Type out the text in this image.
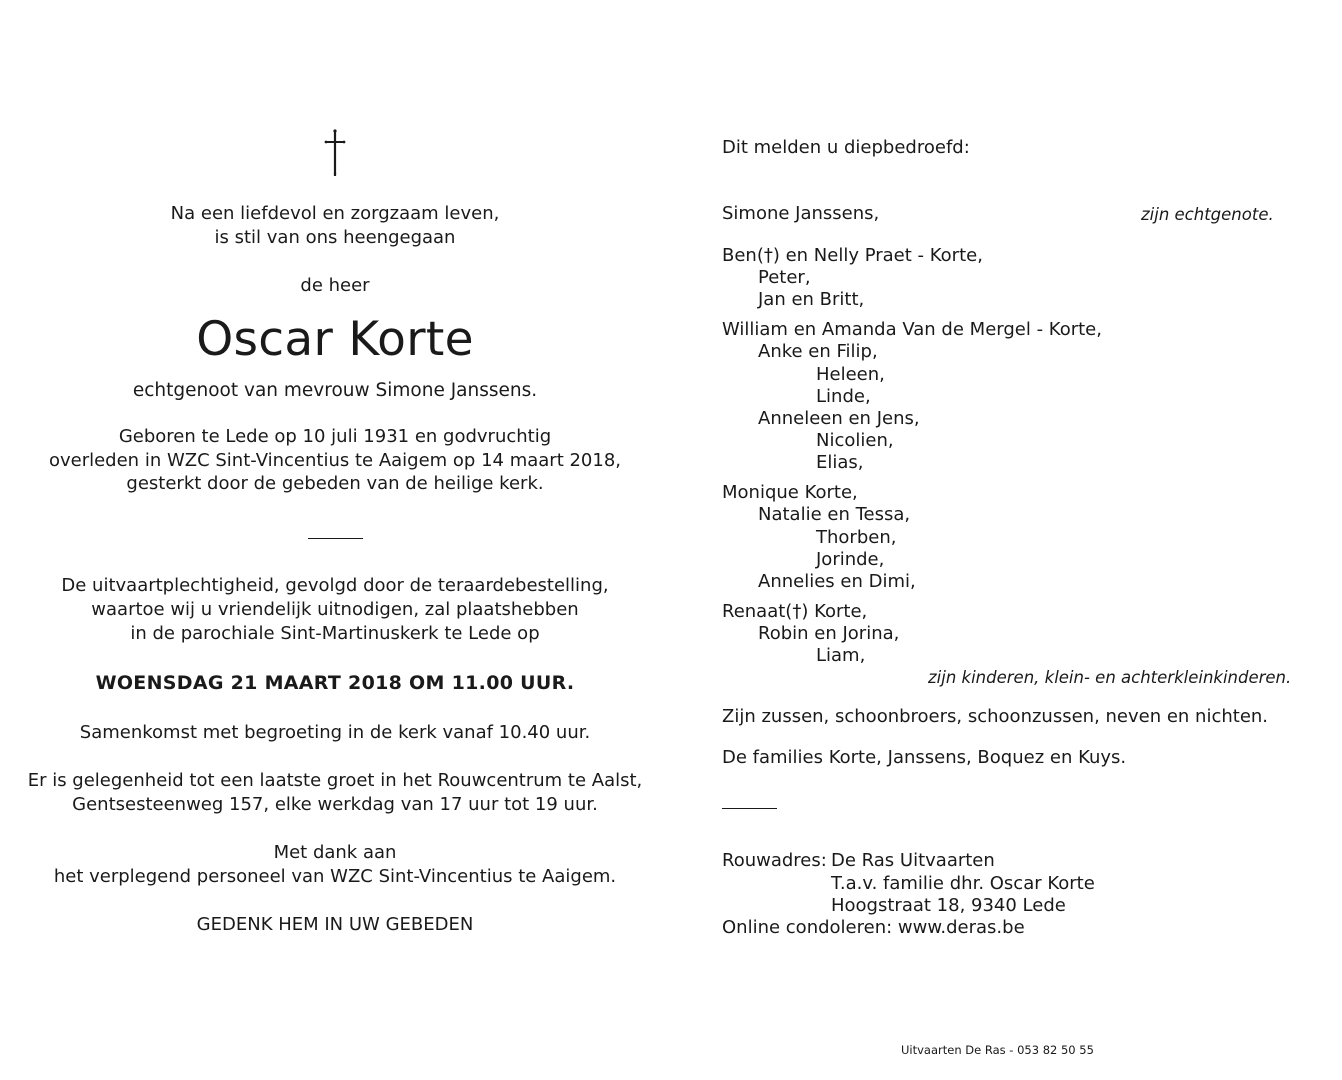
Na een liefdevol en zorgzaam leven,
is stil van ons heengegaan
de heer
Oscar Korte
echtgenoot van mevrouw Simone Janssens.
Geboren te Lede op 10 juli 1931 en godvruchtig
overleden in WZC Sint-Vincentius te Aaigem op 14 maart 2018,
gesterkt door de gebeden van de heilige kerk.
De uitvaartplechtigheid, gevolgd door de teraardebestelling,
waartoe wij u vriendelijk uitnodigen, zal plaatshebben
in de parochiale Sint-Martinuskerk te Lede op
WOENSDAG 21 MAART 2018 OM 11.00 UUR.
Samenkomst met begroeting in de kerk vanaf 10.40 uur.
Er is gelegenheid tot een laatste groet in het Rouwcentrum te Aalst,
Gentsesteenweg 157, elke werkdag van 17 uur tot 19 uur.
Met dank aan
het verplegend personeel van WZC Sint-Vincentius te Aaigem.
GEDENK HEM IN UW GEBEDEN
Dit melden u diepbedroefd:
Simone Janssens,	zijn echtgenote.
Ben(†) en Nelly Praet - Korte,
Peter,
Jan en Britt,
William en Amanda Van de Mergel - Korte,
Anke en Filip,
Heleen,
Linde,
Anneleen en Jens,
Nicolien,
Elias,
Monique Korte,
Natalie en Tessa,
Thorben,
Jorinde,
Annelies en Dimi,
Renaat(†) Korte,
Robin en Jorina,
Liam,
zijn kinderen, klein- en achterkleinkinderen.
Zijn zussen, schoonbroers, schoonzussen, neven en nichten.
De families Korte, Janssens, Boquez en Kuys.
Rouwadres: De Ras Uitvaarten
T.a.v. familie dhr. Oscar Korte
Hoogstraat 18, 9340 Lede
Online condoleren: www.deras.be
Uitvaarten De Ras - 053 82 50 55
